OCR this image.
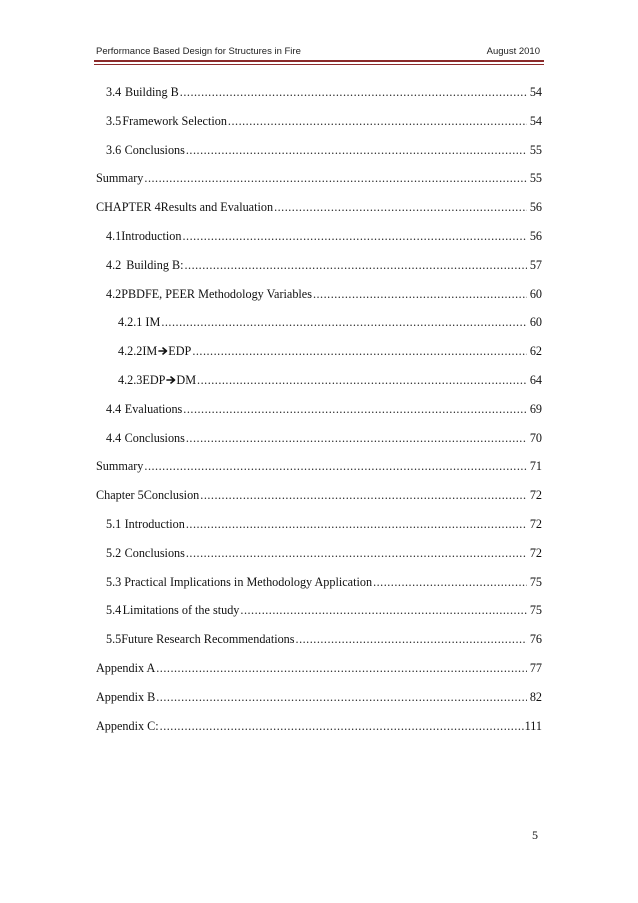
Performance Based Design for Structures in Fire	August 2010
3.4 Building B .....	54
3.5 Framework Selection .....	54
3.6 Conclusions .....	55
Summary .....	55
CHAPTER 4 Results and Evaluation .....	56
4.1Introduction .....	56
4.2 Building B: .....	57
4.2PBDFE, PEER Methodology Variables .....	60
4.2.1 IM .....	60
4.2.2 IM EDP .....	62
4.2.3 EDP DM .....	64
4.4 Evaluations .....	69
4.4 Conclusions .....	70
Summary .....	71
Chapter 5 Conclusion .....	72
5.1 Introduction .....	72
5.2 Conclusions .....	72
5.3 Practical Implications in Methodology Application .....	75
5.4 Limitations of the study .....	75
5.5 Future Research Recommendations .....	76
Appendix A .....	77
Appendix B .....	82
Appendix C: .....	111
5
